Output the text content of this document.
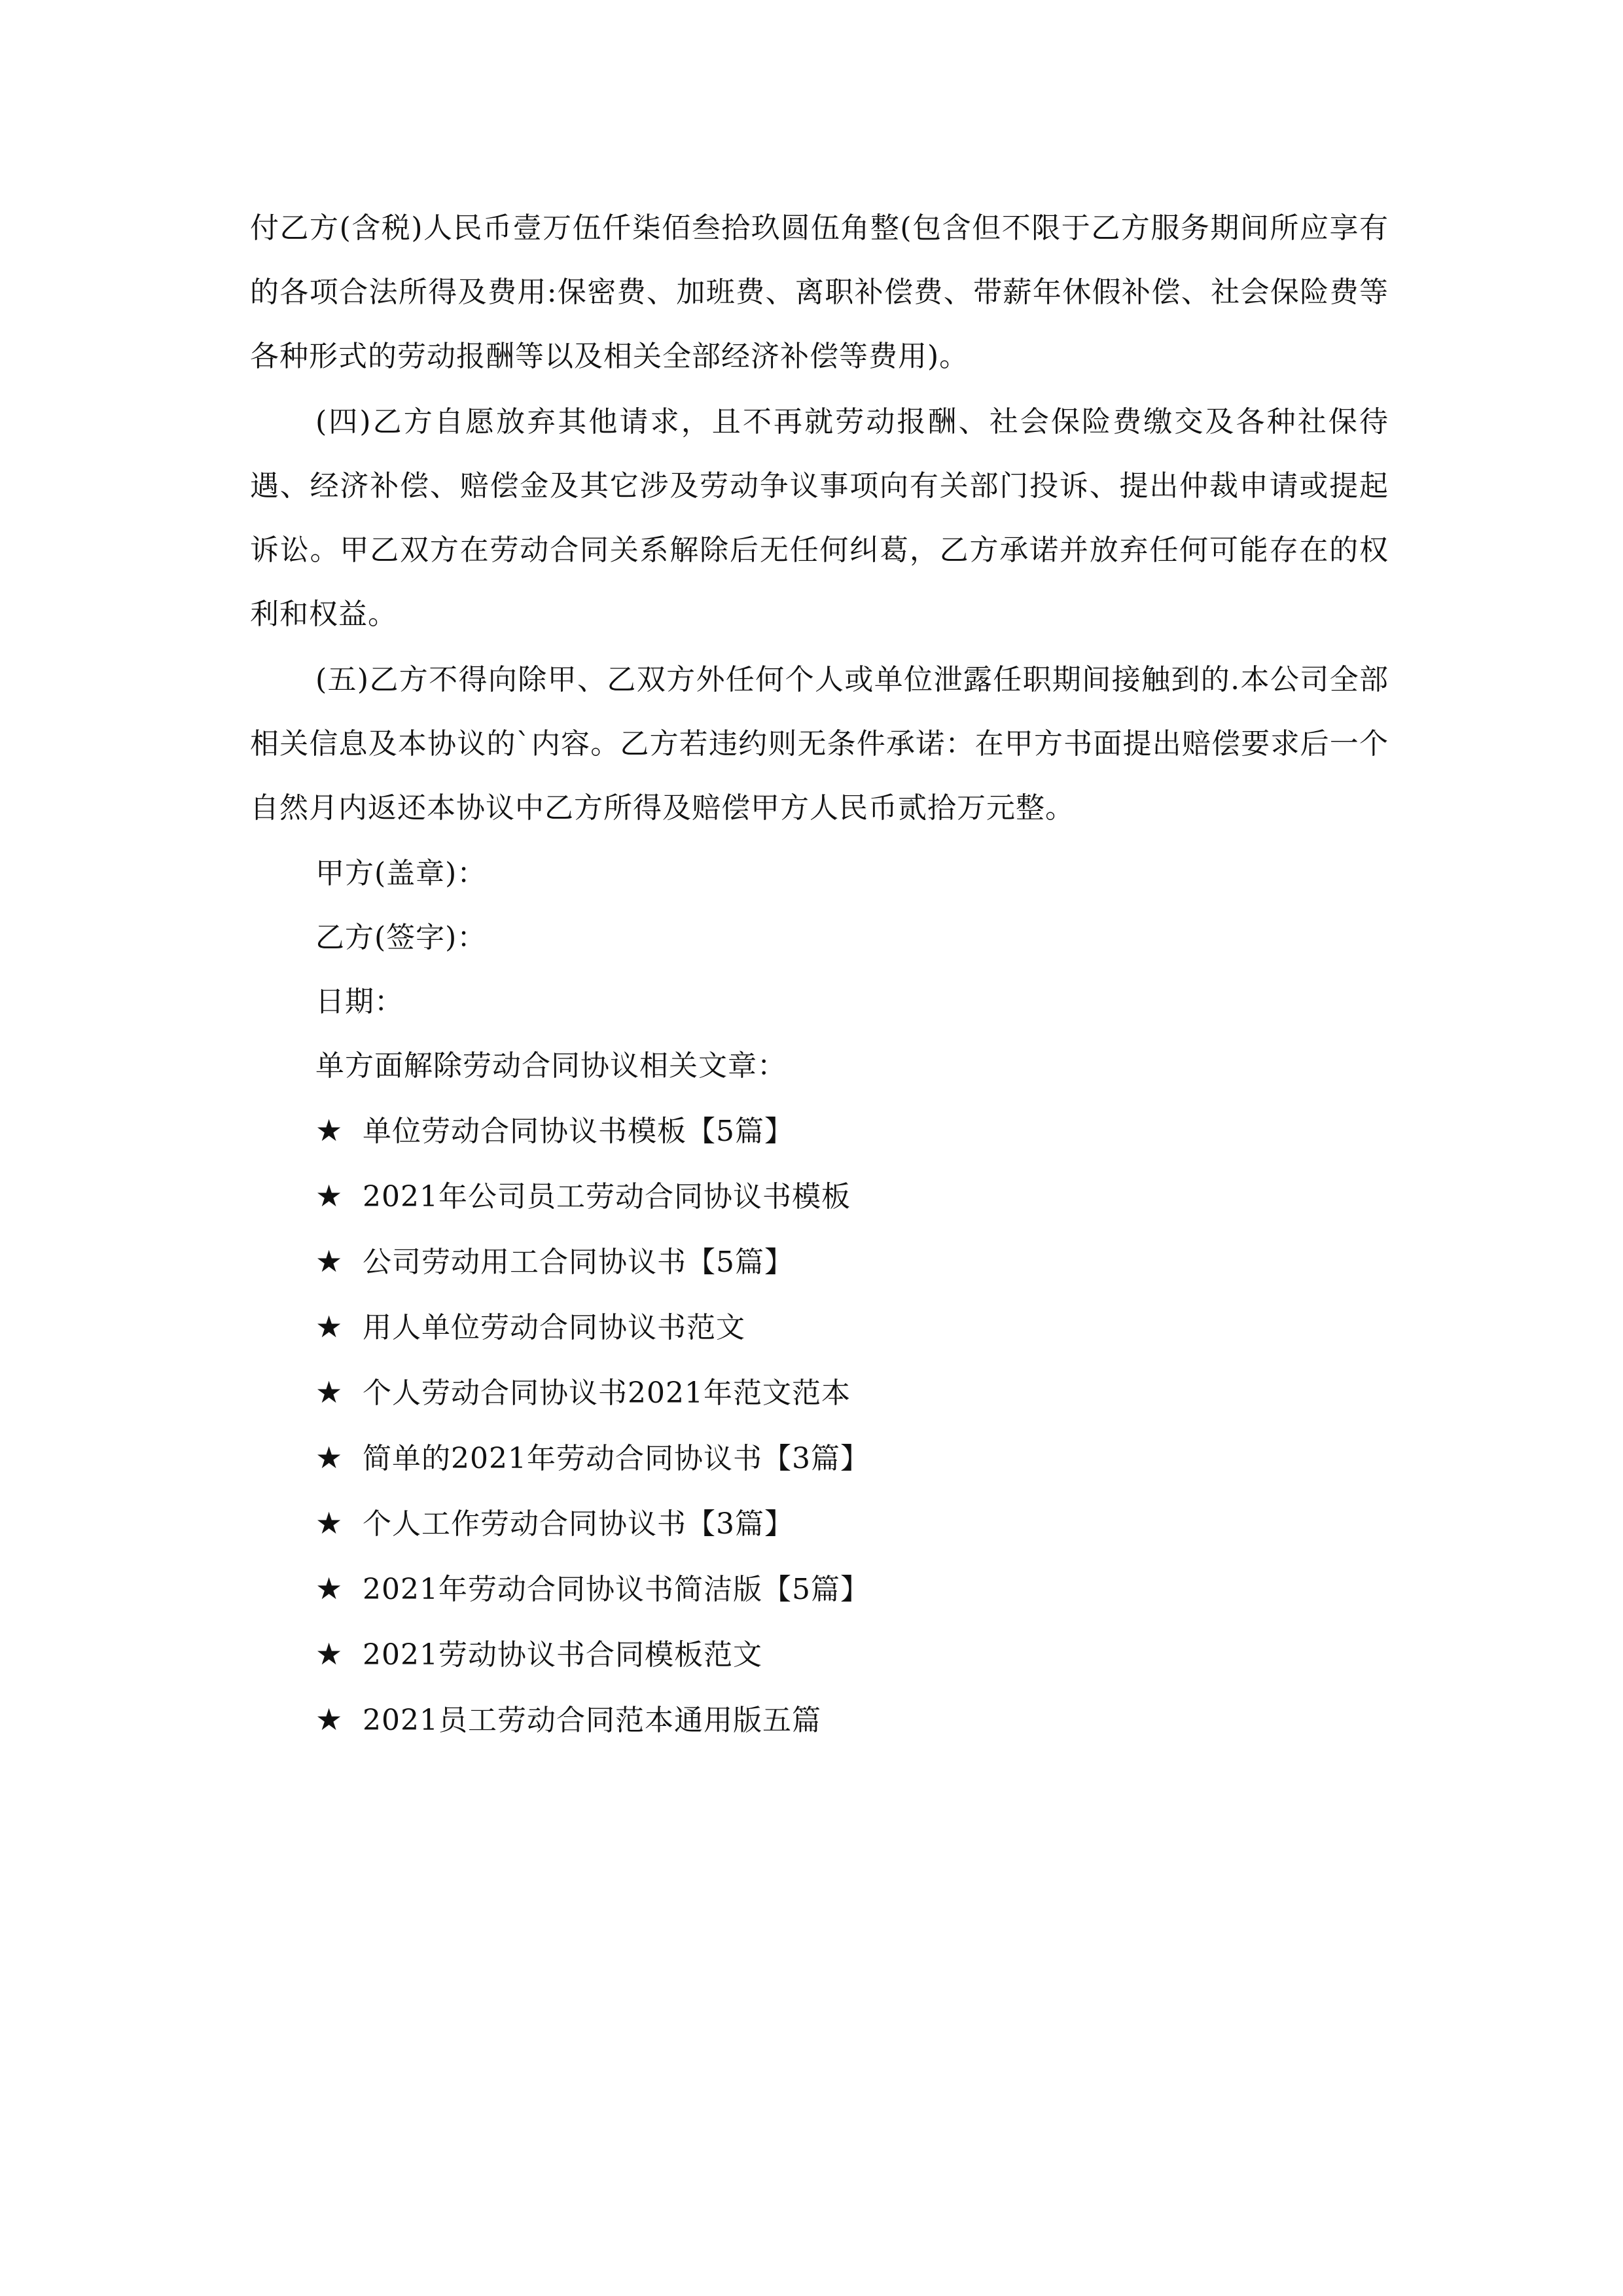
付乙方(含税)人民币壹万伍仟柒佰叁拾玖圆伍角整(包含但不限于乙方服务期间所应享有的各项合法所得及费用:保密费、加班费、离职补偿费、带薪年休假补偿、社会保险费等各种形式的劳动报酬等以及相关全部经济补偿等费用)。

(四)乙方自愿放弃其他请求，且不再就劳动报酬、社会保险费缴交及各种社保待遇、经济补偿、赔偿金及其它涉及劳动争议事项向有关部门投诉、提出仲裁申请或提起诉讼。甲乙双方在劳动合同关系解除后无任何纠葛，乙方承诺并放弃任何可能存在的权利和权益。

(五)乙方不得向除甲、乙双方外任何个人或单位泄露任职期间接触到的.本公司全部相关信息及本协议的`内容。乙方若违约则无条件承诺：在甲方书面提出赔偿要求后一个自然月内返还本协议中乙方所得及赔偿甲方人民币贰拾万元整。

甲方(盖章)：

乙方(签字)：

日期：

单方面解除劳动合同协议相关文章：

★ 单位劳动合同协议书模板【5篇】
★ 2021年公司员工劳动合同协议书模板
★ 公司劳动用工合同协议书【5篇】
★ 用人单位劳动合同协议书范文
★ 个人劳动合同协议书2021年范文范本
★ 简单的2021年劳动合同协议书【3篇】
★ 个人工作劳动合同协议书【3篇】
★ 2021年劳动合同协议书简洁版【5篇】
★ 2021劳动协议书合同模板范文
★ 2021员工劳动合同范本通用版五篇
